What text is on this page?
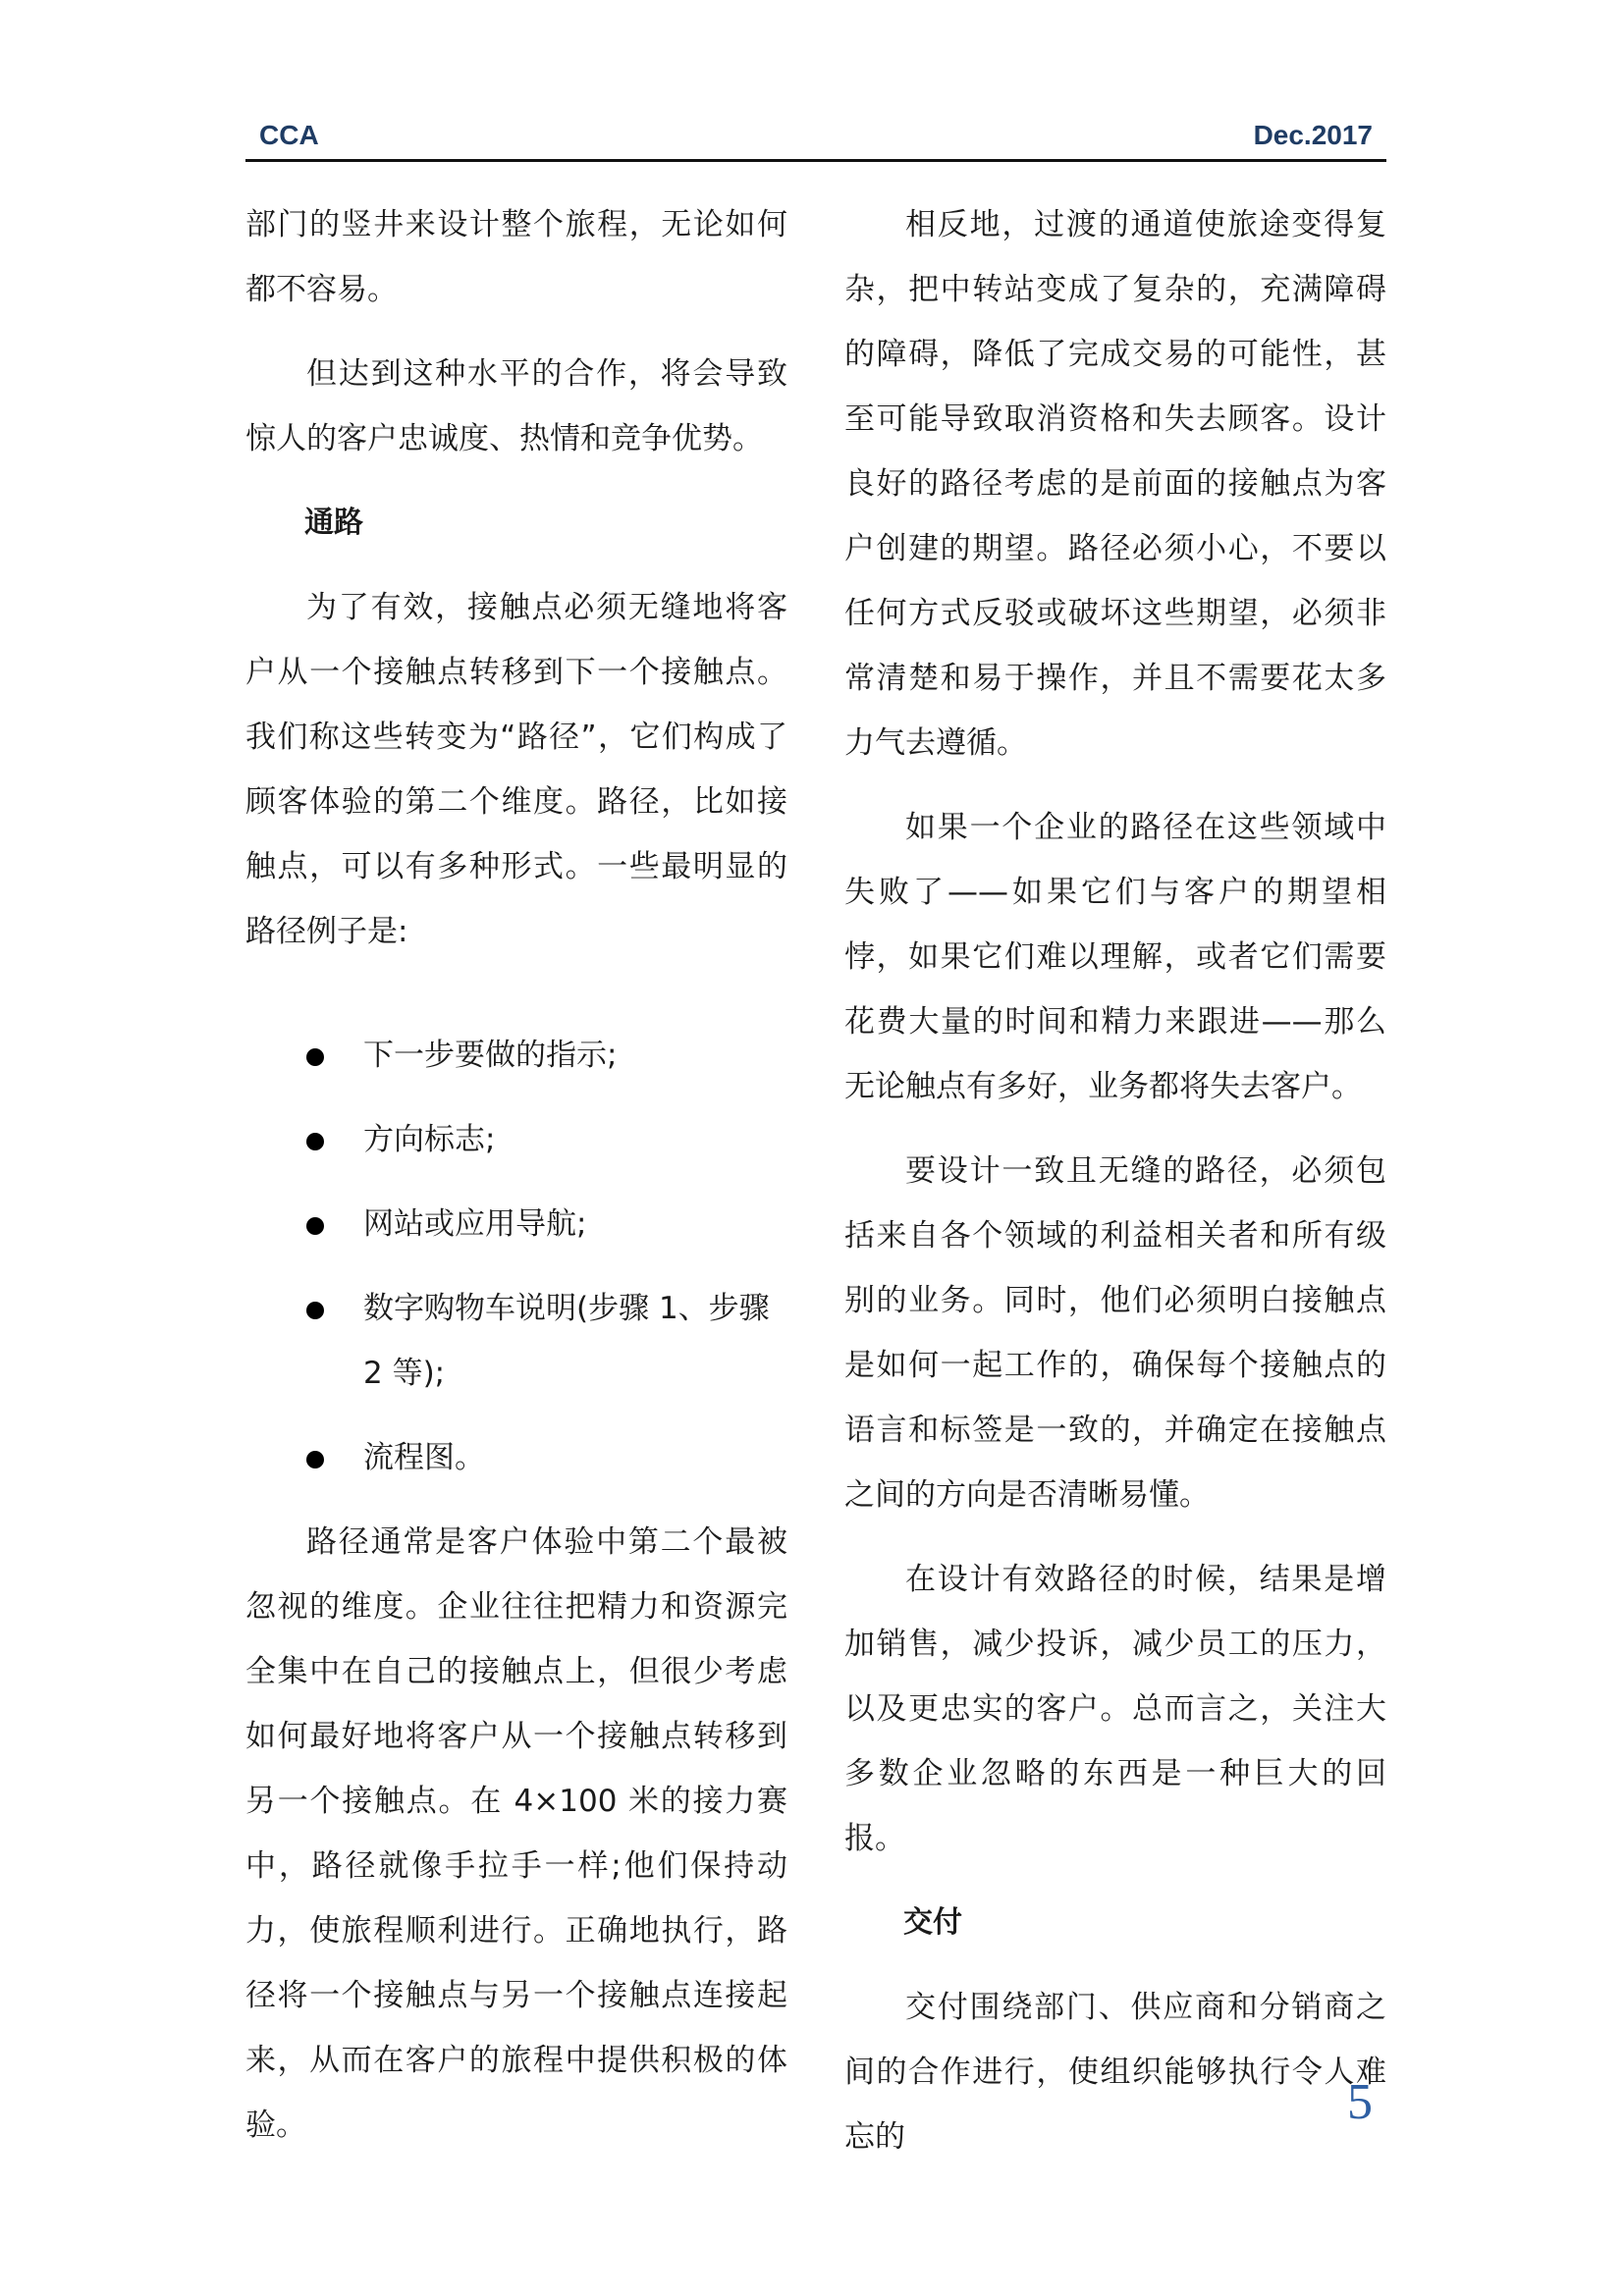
CCA	Dec.2017

部门的竖井来设计整个旅程，无论如何都不容易。

但达到这种水平的合作，将会导致惊人的客户忠诚度、热情和竞争优势。

通路

为了有效，接触点必须无缝地将客户从一个接触点转移到下一个接触点。我们称这些转变为“路径”，它们构成了顾客体验的第二个维度。路径，比如接触点，可以有多种形式。一些最明显的路径例子是:

下一步要做的指示;
方向标志;
网站或应用导航;
数字购物车说明(步骤 1、步骤 2 等);
流程图。

路径通常是客户体验中第二个最被忽视的维度。企业往往把精力和资源完全集中在自己的接触点上，但很少考虑如何最好地将客户从一个接触点转移到另一个接触点。在 4×100 米的接力赛中，路径就像手拉手一样;他们保持动力，使旅程顺利进行。正确地执行，路径将一个接触点与另一个接触点连接起来，从而在客户的旅程中提供积极的体验。

相反地，过渡的通道使旅途变得复杂，把中转站变成了复杂的，充满障碍的障碍，降低了完成交易的可能性，甚至可能导致取消资格和失去顾客。设计良好的路径考虑的是前面的接触点为客户创建的期望。路径必须小心，不要以任何方式反驳或破坏这些期望，必须非常清楚和易于操作，并且不需要花太多力气去遵循。

如果一个企业的路径在这些领域中失败了——如果它们与客户的期望相悖，如果它们难以理解，或者它们需要花费大量的时间和精力来跟进——那么无论触点有多好，业务都将失去客户。

要设计一致且无缝的路径，必须包括来自各个领域的利益相关者和所有级别的业务。同时，他们必须明白接触点是如何一起工作的，确保每个接触点的语言和标签是一致的，并确定在接触点之间的方向是否清晰易懂。

在设计有效路径的时候，结果是增加销售，减少投诉，减少员工的压力，以及更忠实的客户。总而言之，关注大多数企业忽略的东西是一种巨大的回报。

交付

交付围绕部门、供应商和分销商之间的合作进行，使组织能够执行令人难忘的

5
